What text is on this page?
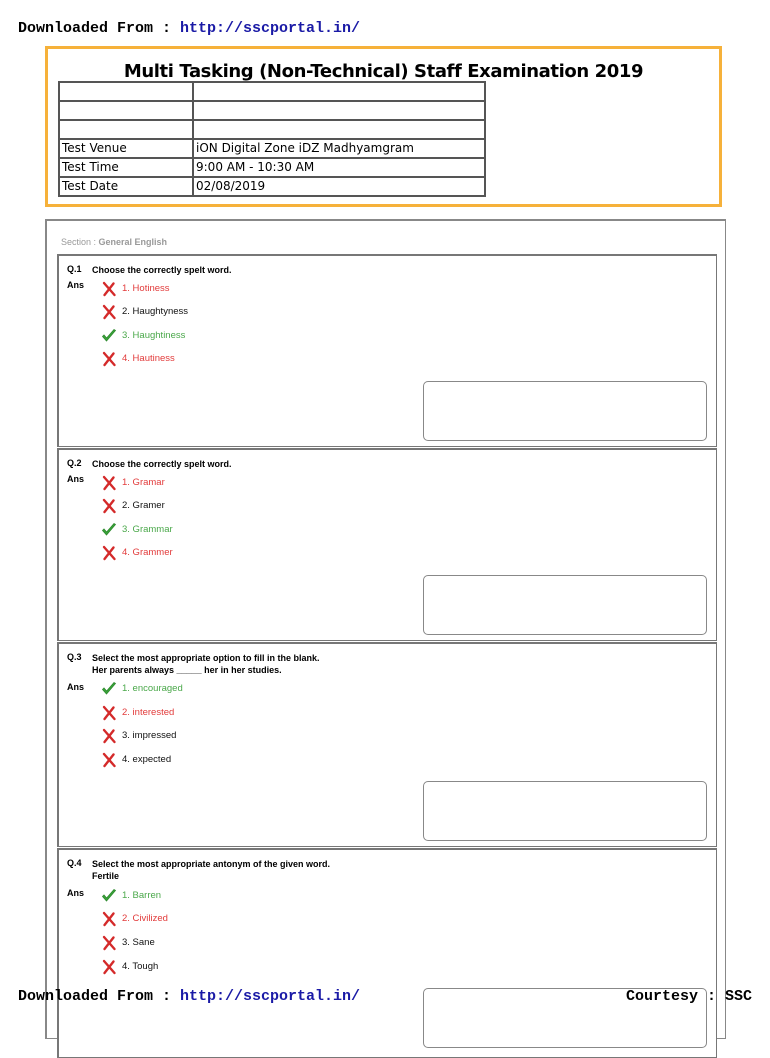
Downloaded From : http://sscportal.in/
Multi Tasking (Non-Technical) Staff Examination 2019

Test Venue	iON Digital Zone iDZ Madhyamgram
Test Time	9:00 AM - 10:30 AM
Test Date	02/08/2019
Section : General English
Q.1 Choose the correctly spelt word.
Ans	1. Hotiness
2. Haughtyness
3. Haughtiness
4. Hautiness
Q.2 Choose the correctly spelt word.
Ans	1. Gramar
2. Gramer
3. Grammar
4. Grammer
Q.3 Select the most appropriate option to fill in the blank.
Her parents always _____ her in her studies.
Ans	1. encouraged
2. interested
3. impressed
4. expected
Q.4 Select the most appropriate antonym of the given word.
Fertile
Ans	1. Barren
2. Civilized
3. Sane
4. Tough
Downloaded From : http://sscportal.in/	Courtesy : SSC
